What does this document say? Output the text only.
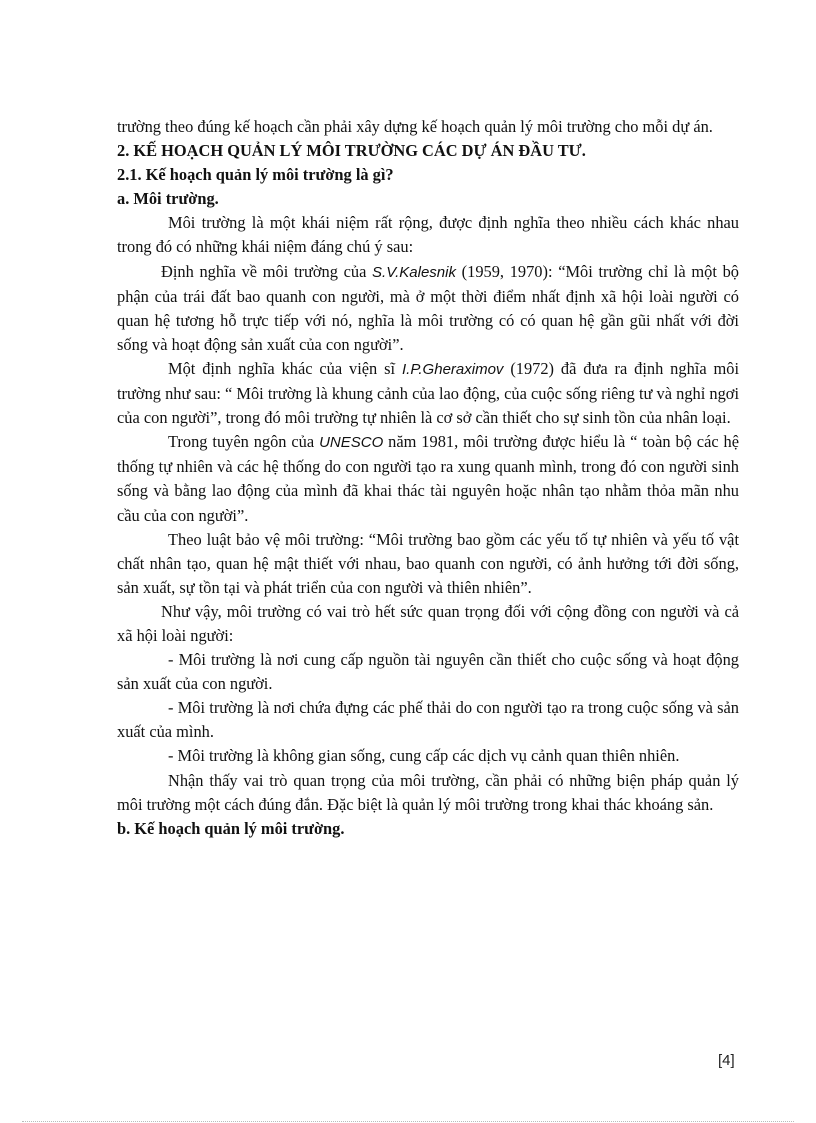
trường theo đúng kế hoạch cần phải xây dựng kế hoạch quản lý môi trường cho mỗi dự án.

2. KẾ HOẠCH QUẢN LÝ MÔI TRƯỜNG CÁC DỰ ÁN ĐẦU TƯ.

2.1. Kế hoạch quản lý môi trường là gì?

a. Môi trường.

Môi trường là một khái niệm rất rộng, được định nghĩa theo nhiều cách khác nhau trong đó có những khái niệm đáng chú ý sau:

Định nghĩa về môi trường của S.V.Kalesnik (1959, 1970): “Môi trường chỉ là một bộ phận của trái đất bao quanh con người, mà ở một thời điểm nhất định xã hội loài người có quan hệ tương hỗ trực tiếp với nó, nghĩa là môi trường có có quan hệ gần gũi nhất với đời sống và hoạt động sản xuất của con người”.

Một định nghĩa khác của viện sĩ I.P.Gheraximov (1972) đã đưa ra định nghĩa môi trường như sau: “ Môi trường là khung cảnh của lao động, của cuộc sống riêng tư và nghỉ ngơi của con người”, trong đó môi trường tự nhiên là cơ sở cần thiết cho sự sinh tồn của nhân loại.

Trong tuyên ngôn của UNESCO năm 1981, môi trường được hiểu là “ toàn bộ các hệ thống tự nhiên và các hệ thống do con người tạo ra xung quanh mình, trong đó con người sinh sống và bằng lao động của mình đã khai thác tài nguyên hoặc nhân tạo nhằm thỏa mãn nhu cầu của con người”.

Theo luật bảo vệ môi trường: “Môi trường bao gồm các yếu tố tự nhiên và yếu tố vật chất nhân tạo, quan hệ mật thiết với nhau, bao quanh con người, có ảnh hưởng tới đời sống, sản xuất, sự tồn tại và phát triển của con người và thiên nhiên”.

Như vậy, môi trường có vai trò hết sức quan trọng đối với cộng đồng con người và cả xã hội loài người:

- Môi trường là nơi cung cấp nguồn tài nguyên cần thiết cho cuộc sống và hoạt động sản xuất của con người.

- Môi trường là nơi chứa đựng các phế thải do con người tạo ra trong cuộc sống và sản xuất của mình.

- Môi trường là không gian sống, cung cấp các dịch vụ cảnh quan thiên nhiên.

Nhận thấy vai trò quan trọng của môi trường, cần phải có những biện pháp quản lý môi trường một cách đúng đắn. Đặc biệt là quản lý môi trường trong khai thác khoáng sản.

b. Kế hoạch quản lý môi trường.

[4]
